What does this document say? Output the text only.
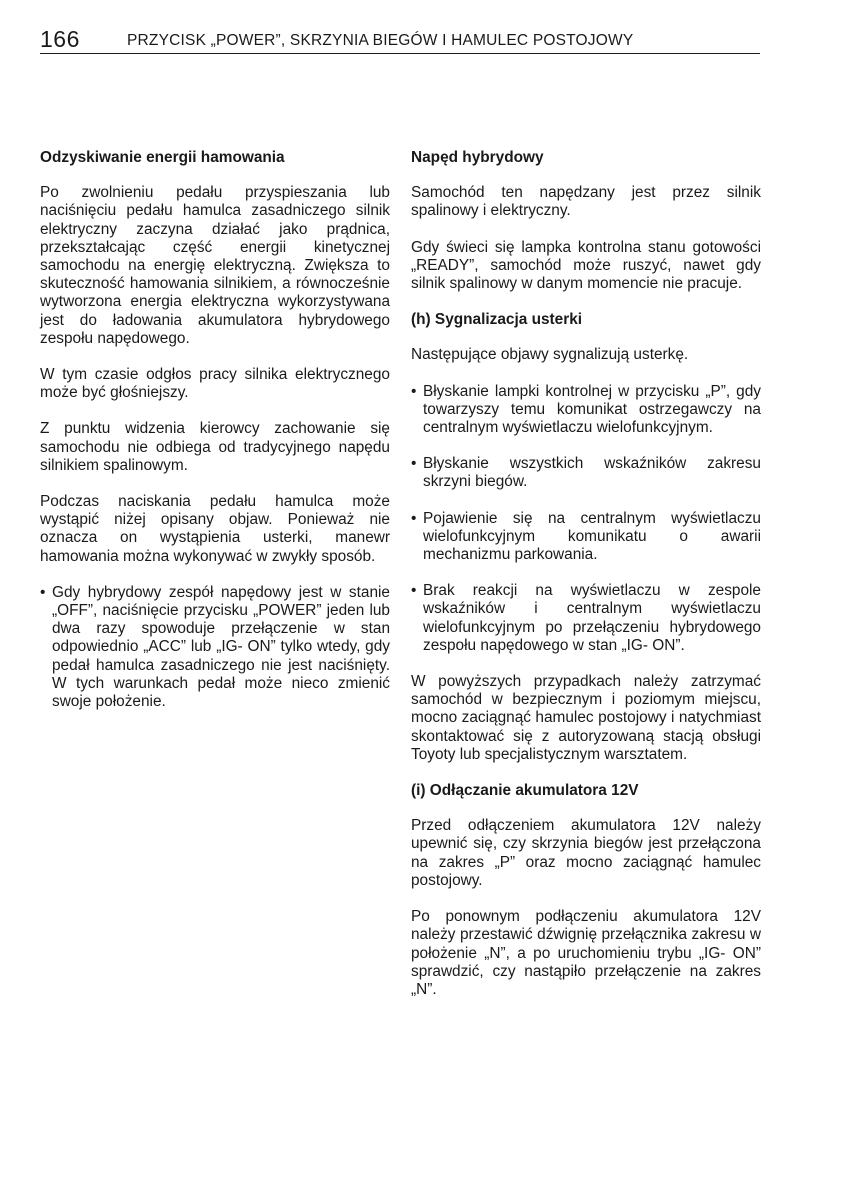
166	PRZYCISK „POWER”, SKRZYNIA BIEGÓW I HAMULEC POSTOJOWY
Odzyskiwanie energii hamowania

Po zwolnieniu pedału przyspieszania lub naciśnięciu pedału hamulca zasadniczego silnik elektryczny zaczyna działać jako prądnica, przekształcając część energii kinetycznej samochodu na energię elektryczną. Zwiększa to skuteczność hamowania silnikiem, a równocześnie wytworzona energia elektryczna wykorzystywana jest do ładowania akumulatora hybrydowego zespołu napędowego.

W tym czasie odgłos pracy silnika elektrycznego może być głośniejszy.

Z punktu widzenia kierowcy zachowanie się samochodu nie odbiega od tradycyjnego napędu silnikiem spalinowym.

Podczas naciskania pedału hamulca może wystąpić niżej opisany objaw. Ponieważ nie oznacza on wystąpienia usterki, manewr hamowania można wykonywać w zwykły sposób.

• Gdy hybrydowy zespół napędowy jest w stanie „OFF”, naciśnięcie przycisku „POWER” jeden lub dwa razy spowoduje przełączenie w stan odpowiednio „ACC” lub „IG- ON” tylko wtedy, gdy pedał hamulca zasadniczego nie jest naciśnięty. W tych warunkach pedał może nieco zmienić swoje położenie.
Napęd hybrydowy

Samochód ten napędzany jest przez silnik spalinowy i elektryczny.

Gdy świeci się lampka kontrolna stanu gotowości „READY”, samochód może ruszyć, nawet gdy silnik spalinowy w danym momencie nie pracuje.

(h) Sygnalizacja usterki

Następujące objawy sygnalizują usterkę.

• Błyskanie lampki kontrolnej w przycisku „P”, gdy towarzyszy temu komunikat ostrzegawczy na centralnym wyświetlaczu wielofunkcyjnym.
• Błyskanie wszystkich wskaźników zakresu skrzyni biegów.
• Pojawienie się na centralnym wyświetlaczu wielofunkcyjnym komunikatu o awarii mechanizmu parkowania.
• Brak reakcji na wyświetlaczu w zespole wskaźników i centralnym wyświetlaczu wielofunkcyjnym po przełączeniu hybrydowego zespołu napędowego w stan „IG- ON”.

W powyższych przypadkach należy zatrzymać samochód w bezpiecznym i poziomym miejscu, mocno zaciągnąć hamulec postojowy i natychmiast skontaktować się z autoryzowaną stacją obsługi Toyoty lub specjalistycznym warsztatem.

(i) Odłączanie akumulatora 12V

Przed odłączeniem akumulatora 12V należy upewnić się, czy skrzynia biegów jest przełączona na zakres „P” oraz mocno zaciągnąć hamulec postojowy.

Po ponownym podłączeniu akumulatora 12V należy przestawić dźwignię przełącznika zakresu w położenie „N”, a po uruchomieniu trybu „IG- ON” sprawdzić, czy nastąpiło przełączenie na zakres „N”.
